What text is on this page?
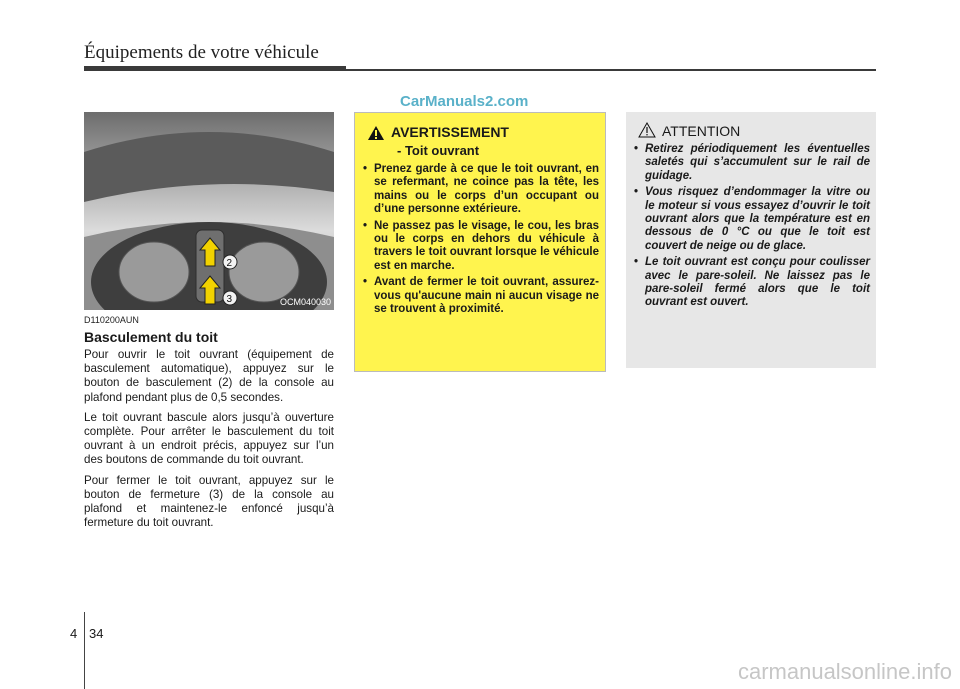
Équipements de votre véhicule
CarManuals2.com
2
3	OCM040030
D110200AUN
Basculement du toit

Pour ouvrir le toit ouvrant (équipement de basculement automatique), appuyez sur le bouton de basculement (2) de la console au plafond pendant plus de 0,5 secondes.

Le toit ouvrant bascule alors jusqu’à ouverture complète. Pour arrêter le basculement du toit ouvrant à un endroit précis, appuyez sur l’un des boutons de commande du toit ouvrant.

Pour fermer le toit ouvrant, appuyez sur le bouton de fermeture (3) de la console au plafond et maintenez-le enfoncé jusqu’à fermeture du toit ouvrant.

AVERTISSEMENT
- Toit ouvrant
• Prenez garde à ce que le toit ouvrant, en se refermant, ne coince pas la tête, les mains ou le corps d’un occupant ou d’une personne extérieure.
• Ne passez pas le visage, le cou, les bras ou le corps en dehors du véhicule à travers le toit ouvrant lorsque le véhicule est en marche.
• Avant de fermer le toit ouvrant, assurez-vous qu'aucune main ni aucun visage ne se trouvent à proximité.
ATTENTION
• Retirez périodiquement les éventuelles saletés qui s’accumulent sur le rail de guidage.
• Vous risquez d’endommager la vitre ou le moteur si vous essayez d’ouvrir le toit ouvrant alors que la température est en dessous de 0 °C ou que le toit est couvert de neige ou de glace.
• Le toit ouvrant est conçu pour coulisser avec le pare-soleil. Ne laissez pas le pare-soleil fermé alors que le toit ouvrant est ouvert.
4 34
carmanualsonline.info
